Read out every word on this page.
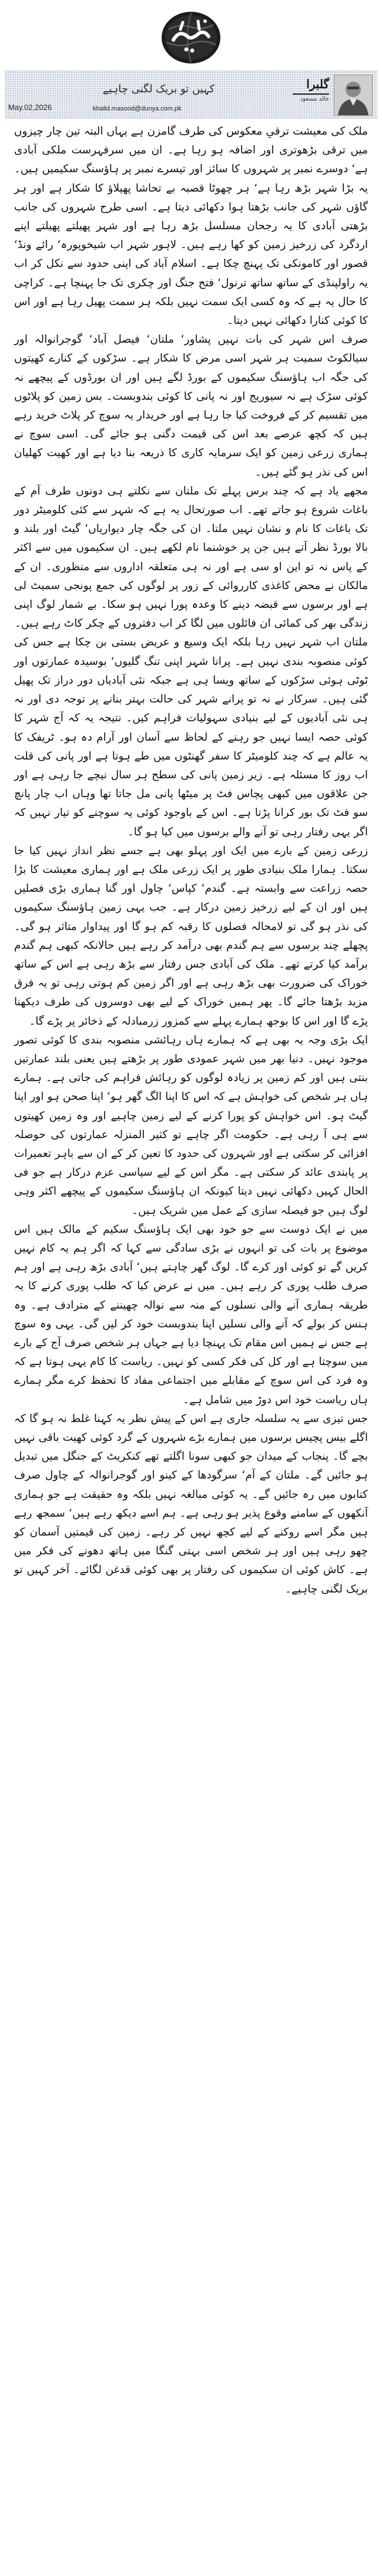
گلبرا
خالد مسعود
کہیں تو بریک لگنی چاہیے
May.02,2026	khalid.masood@dunya.com.pk

ملک کی معیشت ترقیِ معکوس کی طرف گامزن ہے یہاں البتہ تین چار چیزوں میں ترقی بڑھوتری اور اضافہ ہو رہا ہے۔ ان میں سرفہرست ملکی آبادی ہے‘ دوسرے نمبر پر شہروں کا سائز اور تیسرے نمبر پر ہاؤسنگ سکیمیں ہیں۔ یہ بڑا شہر بڑھ رہا ہے‘ ہر چھوٹا قصبہ بے تحاشا پھیلاؤ کا شکار ہے اور ہر گاؤں شہر کی جانب بڑھتا ہوا دکھائی دیتا ہے۔ اسی طرح شہروں کی جانب بڑھتی آبادی کا یہ رجحان مسلسل بڑھ رہا ہے اور شہر پھیلتے پھیلتے اپنے اردگرد کی زرخیز زمین کو کھا رہے ہیں۔ لاہور شہر اب شیخوپورہ‘ رائے ونڈ‘ قصور اور کامونکی تک پہنچ چکا ہے۔ اسلام آباد کی اپنی حدود سے نکل کر اب یہ راولپنڈی کے ساتھ ساتھ ترنول‘ فتح جنگ اور چکری تک جا پہنچا ہے۔ کراچی کا حال یہ ہے کہ وہ کسی ایک سمت نہیں بلکہ ہر سمت پھیل رہا ہے اور اس کا کوئی کنارا دکھائی نہیں دیتا۔

صرف اس شہر کی بات نہیں پشاور‘ ملتان‘ فیصل آباد‘ گوجرانوالہ اور سیالکوٹ سمیت ہر شہر اسی مرض کا شکار ہے۔ سڑکوں کے کنارے کھیتوں کی جگہ اب ہاؤسنگ سکیموں کے بورڈ لگے ہیں اور ان بورڈوں کے پیچھے نہ کوئی سڑک ہے نہ سیوریج اور نہ پانی کا کوئی بندوبست۔ بس زمین کو پلاٹوں میں تقسیم کر کے فروخت کیا جا رہا ہے اور خریدار یہ سوچ کر پلاٹ خرید رہے ہیں کہ کچھ عرصے بعد اس کی قیمت دگنی ہو جائے گی۔ اسی سوچ نے ہماری زرعی زمین کو ایک سرمایہ کاری کا ذریعہ بنا دیا ہے اور کھیت کھلیان اس کی نذر ہو گئے ہیں۔

مجھے یاد ہے کہ چند برس پہلے تک ملتان سے نکلتے ہی دونوں طرف آم کے باغات شروع ہو جاتے تھے۔ اب صورتحال یہ ہے کہ شہر سے کئی کلومیٹر دور تک باغات کا نام و نشان نہیں ملتا۔ ان کی جگہ چار دیواریاں‘ گیٹ اور بلند و بالا بورڈ نظر آتے ہیں جن پر خوشنما نام لکھے ہیں۔ ان سکیموں میں سے اکثر کے پاس نہ تو این او سی ہے اور نہ ہی متعلقہ اداروں سے منظوری۔ ان کے مالکان نے محض کاغذی کارروائی کے زور پر لوگوں کی جمع پونجی سمیٹ لی ہے اور برسوں سے قبضہ دینے کا وعدہ پورا نہیں ہو سکا۔ بے شمار لوگ اپنی زندگی بھر کی کمائی ان فائلوں میں لگا کر اب دفتروں کے چکر کاٹ رہے ہیں۔

ملتان اب شہر نہیں رہا بلکہ ایک وسیع و عریض بستی بن چکا ہے جس کی کوئی منصوبہ بندی نہیں ہے۔ پرانا شہر اپنی تنگ گلیوں‘ بوسیدہ عمارتوں اور ٹوٹی ہوئی سڑکوں کے ساتھ ویسا ہی ہے جبکہ نئی آبادیاں دور دراز تک پھیل گئی ہیں۔ سرکار نے نہ تو پرانے شہر کی حالت بہتر بنانے پر توجہ دی اور نہ ہی نئی آبادیوں کے لیے بنیادی سہولیات فراہم کیں۔ نتیجہ یہ کہ آج شہر کا کوئی حصہ ایسا نہیں جو رہنے کے لحاظ سے آسان اور آرام دہ ہو۔ ٹریفک کا یہ عالم ہے کہ چند کلومیٹر کا سفر گھنٹوں میں طے ہوتا ہے اور پانی کی قلت اب روز کا مسئلہ ہے۔ زیر زمین پانی کی سطح ہر سال نیچے جا رہی ہے اور جن علاقوں میں کبھی پچاس فٹ پر میٹھا پانی مل جاتا تھا وہاں اب چار پانچ سو فٹ تک بور کرانا پڑتا ہے۔ اس کے باوجود کوئی یہ سوچنے کو تیار نہیں کہ اگر یہی رفتار رہی تو آنے والے برسوں میں کیا ہو گا۔

زرعی زمین کے بارے میں ایک اور پہلو بھی ہے جسے نظر انداز نہیں کیا جا سکتا۔ ہمارا ملک بنیادی طور پر ایک زرعی ملک ہے اور ہماری معیشت کا بڑا حصہ زراعت سے وابستہ ہے۔ گندم‘ کپاس‘ چاول اور گنا ہماری بڑی فصلیں ہیں اور ان کے لیے زرخیز زمین درکار ہے۔ جب یہی زمین ہاؤسنگ سکیموں کی نذر ہو گی تو لامحالہ فصلوں کا رقبہ کم ہو گا اور پیداوار متاثر ہو گی۔ پچھلے چند برسوں سے ہم گندم بھی درآمد کر رہے ہیں حالانکہ کبھی ہم گندم برآمد کیا کرتے تھے۔ ملک کی آبادی جس رفتار سے بڑھ رہی ہے اس کے ساتھ خوراک کی ضرورت بھی بڑھ رہی ہے اور اگر زمین کم ہوتی رہی تو یہ فرق مزید بڑھتا جائے گا۔ پھر ہمیں خوراک کے لیے بھی دوسروں کی طرف دیکھنا پڑے گا اور اس کا بوجھ ہمارے پہلے سے کمزور زرمبادلہ کے ذخائر پر پڑے گا۔

ایک بڑی وجہ یہ بھی ہے کہ ہمارے ہاں رہائشی منصوبہ بندی کا کوئی تصور موجود نہیں۔ دنیا بھر میں شہر عمودی طور پر بڑھتے ہیں یعنی بلند عمارتیں بنتی ہیں اور کم زمین پر زیادہ لوگوں کو رہائش فراہم کی جاتی ہے۔ ہمارے ہاں ہر شخص کی خواہش ہے کہ اس کا اپنا الگ گھر ہو‘ اپنا صحن ہو اور اپنا گیٹ ہو۔ اس خواہش کو پورا کرنے کے لیے زمین چاہیے اور وہ زمین کھیتوں سے ہی آ رہی ہے۔ حکومت اگر چاہے تو کثیر المنزلہ عمارتوں کی حوصلہ افزائی کر سکتی ہے اور شہروں کی حدود کا تعین کر کے ان سے باہر تعمیرات پر پابندی عائد کر سکتی ہے۔ مگر اس کے لیے سیاسی عزم درکار ہے جو فی الحال کہیں دکھائی نہیں دیتا کیونکہ ان ہاؤسنگ سکیموں کے پیچھے اکثر وہی لوگ ہیں جو فیصلہ سازی کے عمل میں شریک ہیں۔

میں نے ایک دوست سے جو خود بھی ایک ہاؤسنگ سکیم کے مالک ہیں اس موضوع پر بات کی تو انہوں نے بڑی سادگی سے کہا کہ اگر ہم یہ کام نہیں کریں گے تو کوئی اور کرے گا۔ لوگ گھر چاہتے ہیں‘ آبادی بڑھ رہی ہے اور ہم صرف طلب پوری کر رہے ہیں۔ میں نے عرض کیا کہ طلب پوری کرنے کا یہ طریقہ ہماری آنے والی نسلوں کے منہ سے نوالہ چھیننے کے مترادف ہے۔ وہ ہنس کر بولے کہ آنے والی نسلیں اپنا بندوبست خود کر لیں گی۔ یہی وہ سوچ ہے جس نے ہمیں اس مقام تک پہنچا دیا ہے جہاں ہر شخص صرف آج کے بارے میں سوچتا ہے اور کل کی فکر کسی کو نہیں۔ ریاست کا کام یہی ہوتا ہے کہ وہ فرد کی اس سوچ کے مقابلے میں اجتماعی مفاد کا تحفظ کرے مگر ہمارے ہاں ریاست خود اس دوڑ میں شامل ہے۔

جس تیزی سے یہ سلسلہ جاری ہے اس کے پیش نظر یہ کہنا غلط نہ ہو گا کہ اگلے بیس پچیس برسوں میں ہمارے بڑے شہروں کے گرد کوئی کھیت باقی نہیں بچے گا۔ پنجاب کے میدان جو کبھی سونا اگلتے تھے کنکریٹ کے جنگل میں تبدیل ہو جائیں گے۔ ملتان کے آم‘ سرگودھا کے کینو اور گوجرانوالہ کے چاول صرف کتابوں میں رہ جائیں گے۔ یہ کوئی مبالغہ نہیں بلکہ وہ حقیقت ہے جو ہماری آنکھوں کے سامنے وقوع پذیر ہو رہی ہے۔ ہم اسے دیکھ رہے ہیں‘ سمجھ رہے ہیں مگر اسے روکنے کے لیے کچھ نہیں کر رہے۔ زمین کی قیمتیں آسمان کو چھو رہی ہیں اور ہر شخص اسی بہتی گنگا میں ہاتھ دھونے کی فکر میں ہے۔ کاش کوئی ان سکیموں کی رفتار پر بھی کوئی قدغن لگائے۔ آخر کہیں تو بریک لگنی چاہیے۔
